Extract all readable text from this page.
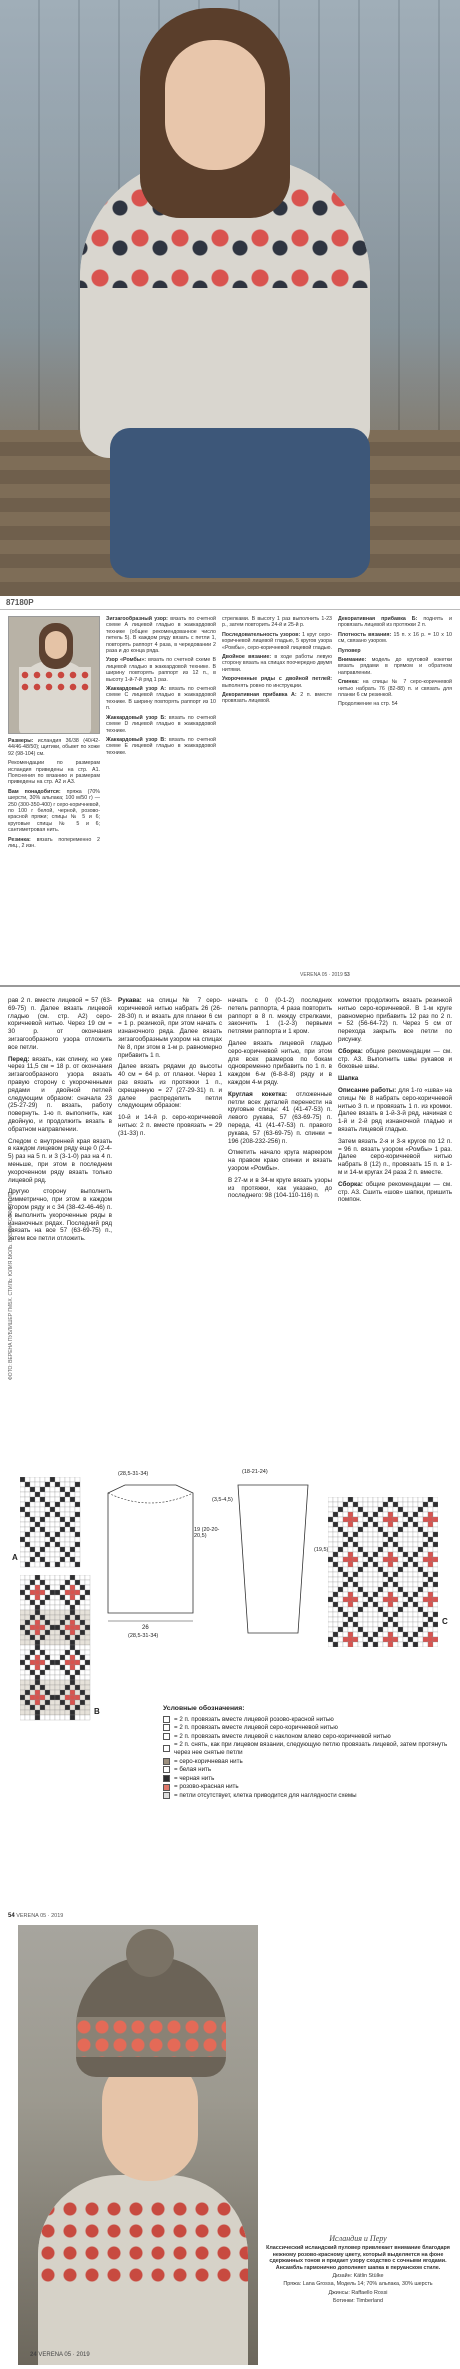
87180P

Размеры: исландия 36/38 (40/42-44/46-48/50); щитики, обьвет по хоже 92 (98-104) см.

Рекомендации по размерам исландия приведены на стр. А1. Пояснения по вязанию и размерам приведены на стр. А2 и А3.

Вам понадобится: пряжа (70% шерсти, 30% альпака; 100 м/50 г) — 250 (300-350-400) г серо-коричневой, по 100 г белой, черной, розово-красной пряжи; спицы № 5 и 6; круговые спицы № 5 и 6; сантиметровая нить.

Резинка: вязать попеременно 2 лиц., 2 изн.

Зигзагообразный узор: вязать по счетной схеме А лицевой гладью в жаккардовой технике (общее рекомендованное число петель 5). В каждом ряду вязать с петли 1, повторять раппорт 4 раза, в чередовании 2 раза и до конца ряда.

Узор «Ромбы»: вязать по счетной схеме В лицевой гладью в жаккардовой технике. В ширину повторять раппорт из 12 п., в высоту 1-й-7-й ряд 1 раз.

Жаккардовый узор А: вязать по счетной схеме С лицевой гладью в жаккардовой технике. В ширину повторять раппорт из 10 п.

Жаккардовый узор Б: вязать по счетной схеме D лицевой гладью в жаккардовой технике.

Жаккардовый узор В: вязать по счетной схеме E лицевой гладью в жаккардовой технике.

стрелками. В высоту 1 раз выполнить 1-23 р., затем повторить 24-й и 25-й р.

Последовательность узоров: 1 круг серо-коричневой лицевой гладью, 5 кругов узора «Ромбы», серо-коричневой лицевой гладью.

Двойное вязание: в ходе работы левую сторону вязать на спицах поочередно двумя нитями.

Укороченные ряды с двойной петлей: выполнять ровно по инструкции.

Декоративная прибавка А: 2 п. вместе провязать лицевой.

Декоративная прибавка Б: поднять и провязать лицевой из протяжки 2 п.

Плотность вязания: 15 п. х 16 р. = 10 х 10 см, связано узором.

Пуловер

Внимание: модель до круговой кокетки вязать рядами в прямом и обратном направлении.

Спинка: на спицы № 7 серо-коричневой нитью набрать 76 (82-88) п. и связать для планки 6 см резинкой.

Продолжение на стр. 54

VERENA 05 · 2019 53

рав 2 п. вместе лицевой = 57 (63-69-75) п. Далее вязать лицевой гладью (см. стр. А2) серо-коричневой нитью. Через 19 см = 30 р. от окончания зигзагообразного узора отложить все петли.

Перед: вязать, как спинку, но уже через 11,5 см = 18 р. от окончания зигзагообразного узора вязать правую сторону с укороченными рядами и двойной петлей следующим образом: сначала 23 (25-27-29) п. вязать, работу повернуть. 1-ю п. выполнить, как двойную, и продолжить вязать в обратном направлении.

Следом с внутренней края вязать в каждом лицевом ряду еще 0 (2-4-5) раз на 5 п. и 3 (3-1-0) раз на 4 п. меньше, при этом в последнем укороченном ряду вязать только лицевой ряд.

Другую сторону выполнить симметрично, при этом в каждом втором ряду и с 34 (38-42-46-46) п. и выполнить укороченные ряды в изнаночных рядах. Последний ряд связать на все 57 (63-69-75) п., затем все петли отложить.

Рукава: на спицы № 7 серо-коричневой нитью набрать 26 (26-28-30) п. и вязать для планки 6 см = 1 р. резинкой, при этом начать с изнаночного ряда. Далее вязать зигзагообразным узором на спицах № 8, при этом в 1-м р. равномерно прибавить 1 п.

Далее вязать рядами до высоты 40 см = 64 р. от планки. Через 1 раз вязать из протяжки 1 п., скрещенную = 27 (27-29-31) п. и далее распределить петли следующим образом:

10-й и 14-й р. серо-коричневой нитью: 2 п. вместе провязать = 29 (31-33) п.

начать с 0 (0-1-2) последних петель раппорта, 4 раза повторить раппорт в 8 п. между стрелками, закончить 1 (1-2-3) первыми петлями раппорта и 1 кром.

Далее вязать лицевой гладью серо-коричневой нитью, при этом для всех размеров по бокам одновременно прибавить по 1 п. в каждом 6-м (6-8-8-8) ряду и в каждом 4-м ряду.

Круглая кокетка: отложенные петли всех деталей перенести на круговые спицы: 41 (41-47-53) п. левого рукава, 57 (63-69-75) п. переда, 41 (41-47-53) п. правого рукава, 57 (63-69-75) п. спинки = 196 (208-232-256) п.

Отметить начало круга маркером на правом краю спинки и вязать узором «Ромбы».

В 27-м и в 34-м круге вязать узоры из протяжки, как указано, до последнего: 98 (104-110-116) п.

кометки продолжить вязать резинкой нитью серо-коричневой. В 1-м круге равномерно прибавить 12 раз по 2 п. = 52 (56-64-72) п. Через 5 см от перехода закрыть все петли по рисунку.

Сборка: общие рекомендации — см. стр. A3. Выполнить швы рукавов и боковые швы.

Шапка

Описание работы: для 1-го «шва» на спицы № 8 набрать серо-коричневой нитью 3 п. и провязать 1 п. из кромки. Далее вязать в 1-й-3-й ряд, начиная с 1-й и 2-й ряд изнаночной гладью и вязать лицевой гладью.

Затем вязать 2-я и 3-я кругов по 12 п. = 96 п. вязать узором «Ромбы» 1 раз. Далее серо-коричневой нитью набрать 8 (12) п., провязать 15 п. в 1-м и 14-м кругах 24 раза 2 п. вместе.

Сборка: общие рекомендации — см. стр. A3. Сшить «шов» шапки, пришить помпон.

A
B
(28,5-31-34)
19 (20-20-20,5)
26
(28,5-31-34)
(18-21-24)
(19,5)
(3,5-4,5)
C
Условные обозначения:
= 2 п. провязать вместе лицевой розово-красной нитью
= 2 п. провязать вместе лицевой серо-коричневой нитью
= 2 п. провязать вместе лицевой с наклоном влево серо-коричневой нитью
= 2 п. снять, как при лицевом вязании, следующую петлю провязать лицевой, затем протянуть через нее снятые петли
= серо-коричневая нить
= белая нить
= черная нить
= розово-красная нить
= петли отсутствует, клетка приводится для наглядности схемы
54 VERENA 05 · 2019
ФОТО: ВЕРЕНА ПУБЛИШЕР ГМБХ. СТИЛЬ: ЮЛИЯ БЮЛЬ. ВИЗАЖ: СОФИ ПОЛ
Исландия и Перу

Классический исландский пуловер привлекает внимание благодаря нежному розово-красному цвету, который выделяется на фоне сдержанных тонов и придает узору сходство с сочными ягодами. Ансамбль гармонично дополняет шапка в перуанском стиле.

Дизайн: Kätlin Stülke

Пряжа: Lana Grossa, Модель 14; 70% альпака, 30% шерсть

Джинсы: Raffaello Rossi

Ботинки: Timberland

24 VERENA 05 · 2019
